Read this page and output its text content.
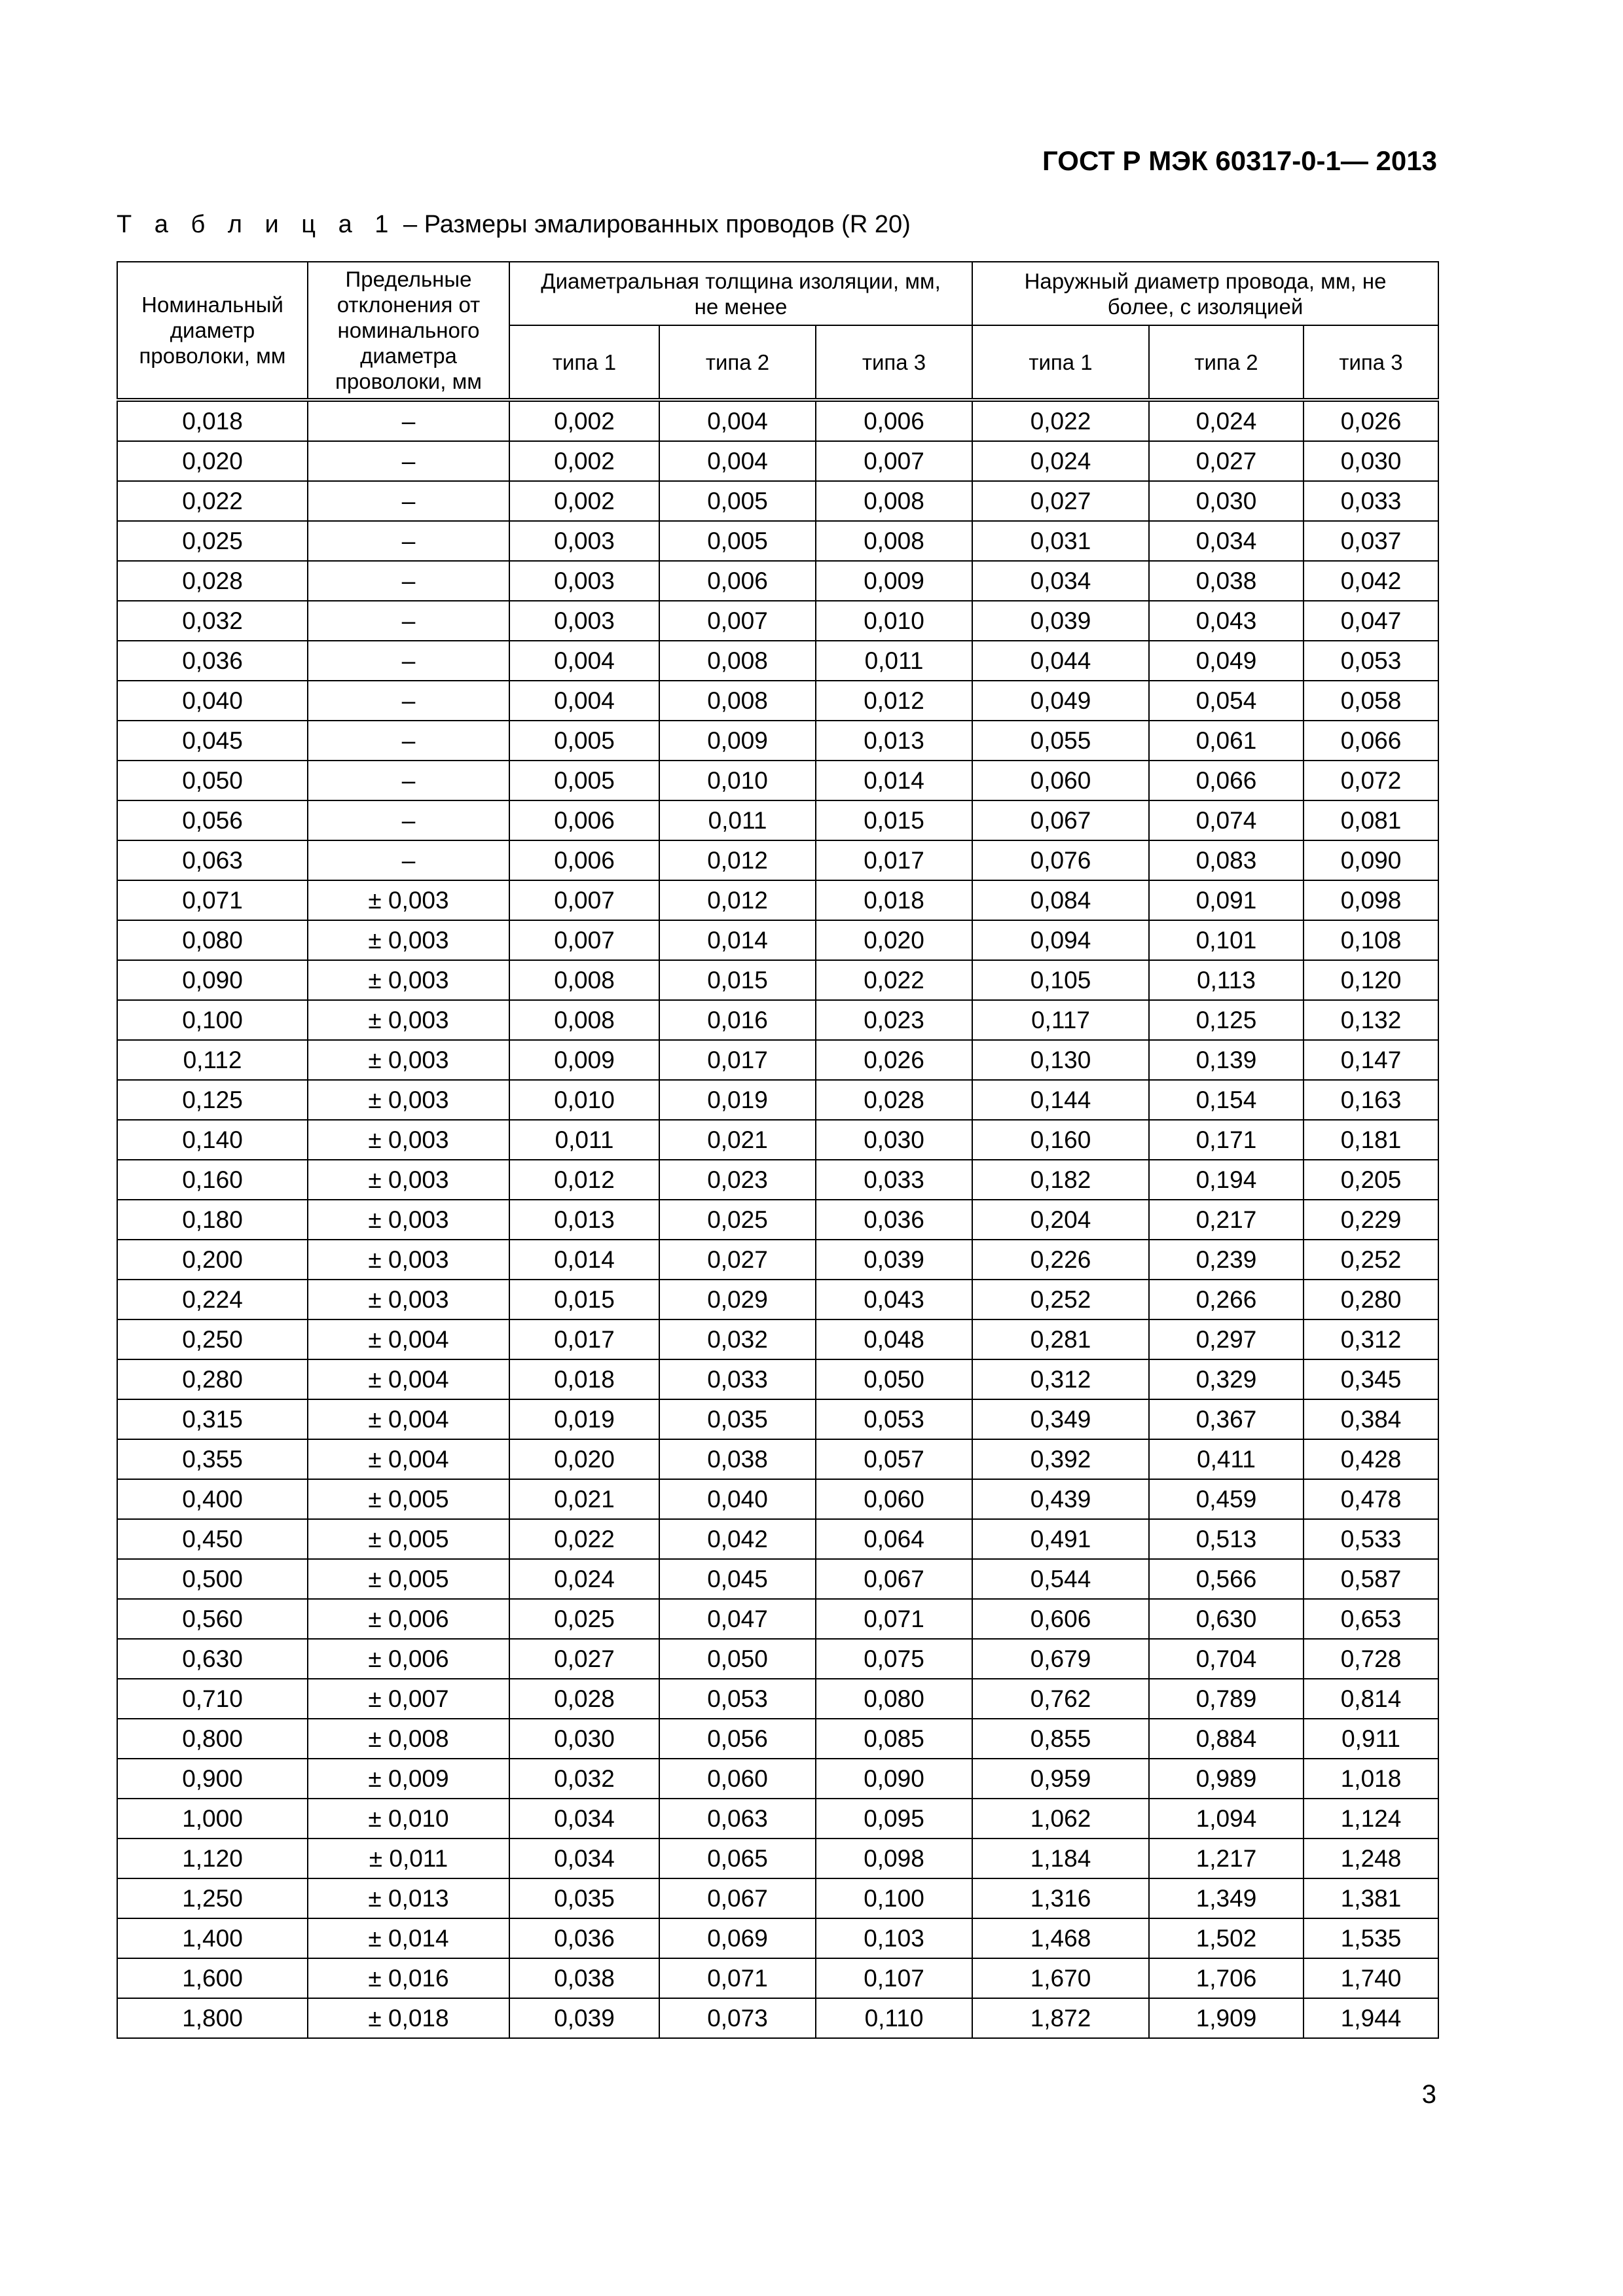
ГОСТ Р МЭК 60317-0-1— 2013
Т а б л и ц а 1 – Размеры эмалированных проводов (R 20)
Номинальный диаметр проволоки, мм	Предельные отклонения от номинального диаметра проволоки, мм	Диаметральная толщина изоляции, мм, не менее			Наружный диаметр провода, мм, не более, с изоляцией		
		типа 1	типа 2	типа 3	типа 1	типа 2	типа 3
0,018	–	0,002	0,004	0,006	0,022	0,024	0,026
0,020	–	0,002	0,004	0,007	0,024	0,027	0,030
0,022	–	0,002	0,005	0,008	0,027	0,030	0,033
0,025	–	0,003	0,005	0,008	0,031	0,034	0,037
0,028	–	0,003	0,006	0,009	0,034	0,038	0,042
0,032	–	0,003	0,007	0,010	0,039	0,043	0,047
0,036	–	0,004	0,008	0,011	0,044	0,049	0,053
0,040	–	0,004	0,008	0,012	0,049	0,054	0,058
0,045	–	0,005	0,009	0,013	0,055	0,061	0,066
0,050	–	0,005	0,010	0,014	0,060	0,066	0,072
0,056	–	0,006	0,011	0,015	0,067	0,074	0,081
0,063	–	0,006	0,012	0,017	0,076	0,083	0,090
0,071	± 0,003	0,007	0,012	0,018	0,084	0,091	0,098
0,080	± 0,003	0,007	0,014	0,020	0,094	0,101	0,108
0,090	± 0,003	0,008	0,015	0,022	0,105	0,113	0,120
0,100	± 0,003	0,008	0,016	0,023	0,117	0,125	0,132
0,112	± 0,003	0,009	0,017	0,026	0,130	0,139	0,147
0,125	± 0,003	0,010	0,019	0,028	0,144	0,154	0,163
0,140	± 0,003	0,011	0,021	0,030	0,160	0,171	0,181
0,160	± 0,003	0,012	0,023	0,033	0,182	0,194	0,205
0,180	± 0,003	0,013	0,025	0,036	0,204	0,217	0,229
0,200	± 0,003	0,014	0,027	0,039	0,226	0,239	0,252
0,224	± 0,003	0,015	0,029	0,043	0,252	0,266	0,280
0,250	± 0,004	0,017	0,032	0,048	0,281	0,297	0,312
0,280	± 0,004	0,018	0,033	0,050	0,312	0,329	0,345
0,315	± 0,004	0,019	0,035	0,053	0,349	0,367	0,384
0,355	± 0,004	0,020	0,038	0,057	0,392	0,411	0,428
0,400	± 0,005	0,021	0,040	0,060	0,439	0,459	0,478
0,450	± 0,005	0,022	0,042	0,064	0,491	0,513	0,533
0,500	± 0,005	0,024	0,045	0,067	0,544	0,566	0,587
0,560	± 0,006	0,025	0,047	0,071	0,606	0,630	0,653
0,630	± 0,006	0,027	0,050	0,075	0,679	0,704	0,728
0,710	± 0,007	0,028	0,053	0,080	0,762	0,789	0,814
0,800	± 0,008	0,030	0,056	0,085	0,855	0,884	0,911
0,900	± 0,009	0,032	0,060	0,090	0,959	0,989	1,018
1,000	± 0,010	0,034	0,063	0,095	1,062	1,094	1,124
1,120	± 0,011	0,034	0,065	0,098	1,184	1,217	1,248
1,250	± 0,013	0,035	0,067	0,100	1,316	1,349	1,381
1,400	± 0,014	0,036	0,069	0,103	1,468	1,502	1,535
1,600	± 0,016	0,038	0,071	0,107	1,670	1,706	1,740
1,800	± 0,018	0,039	0,073	0,110	1,872	1,909	1,944
3
